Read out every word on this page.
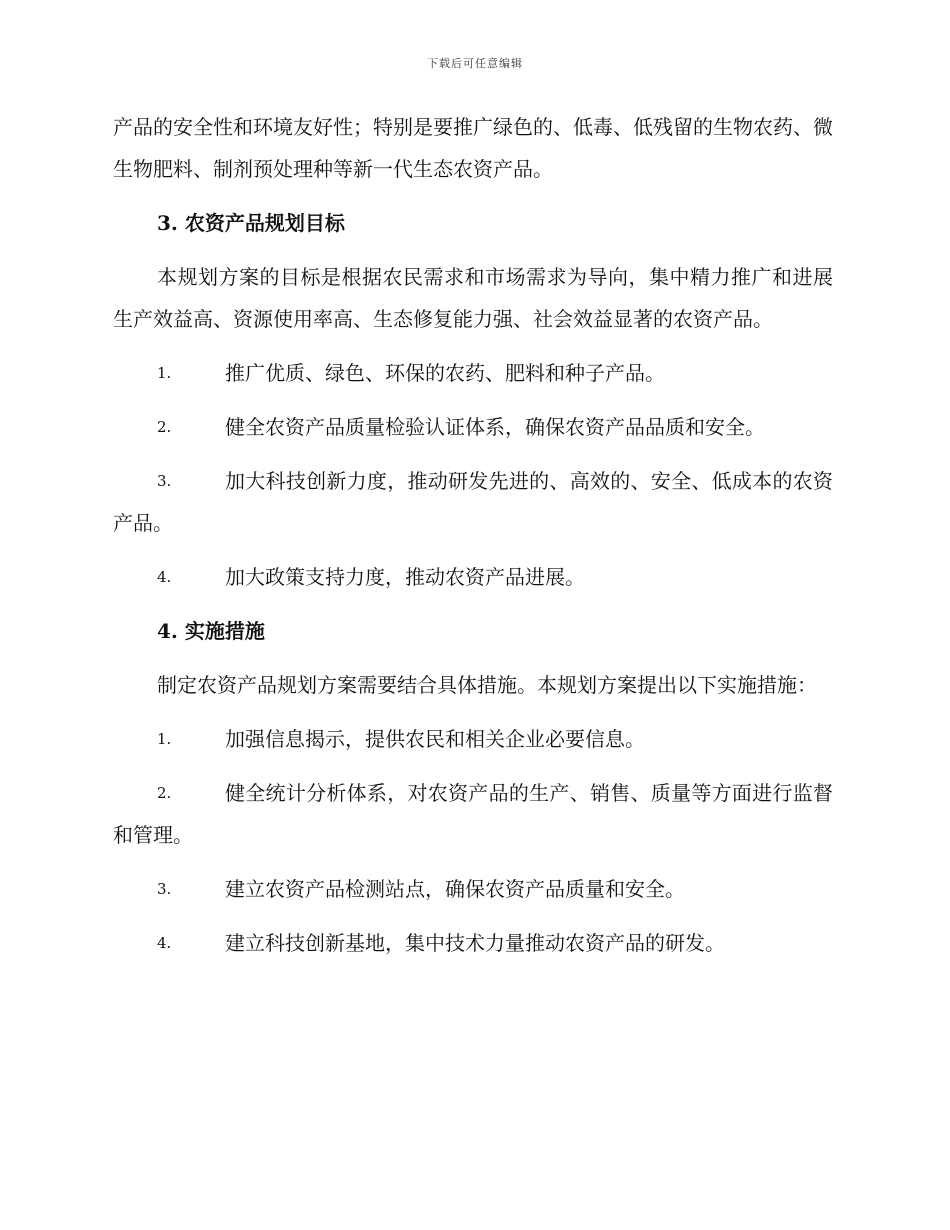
下载后可任意编辑

产品的安全性和环境友好性；特别是要推广绿色的、低毒、低残留的生物农药、微生物肥料、制剂预处理种等新一代生态农资产品。

3. 农资产品规划目标

本规划方案的目标是根据农民需求和市场需求为导向，集中精力推广和进展生产效益高、资源使用率高、生态修复能力强、社会效益显著的农资产品。

1.	推广优质、绿色、环保的农药、肥料和种子产品。
2.	健全农资产品质量检验认证体系，确保农资产品品质和安全。
3.	加大科技创新力度，推动研发先进的、高效的、安全、低成本的农资产品。
4.	加大政策支持力度，推动农资产品进展。
4. 实施措施

制定农资产品规划方案需要结合具体措施。本规划方案提出以下实施措施：

1.	加强信息揭示，提供农民和相关企业必要信息。
2.	健全统计分析体系，对农资产品的生产、销售、质量等方面进行监督和管理。
3.	建立农资产品检测站点，确保农资产品质量和安全。
4.	建立科技创新基地，集中技术力量推动农资产品的研发。
